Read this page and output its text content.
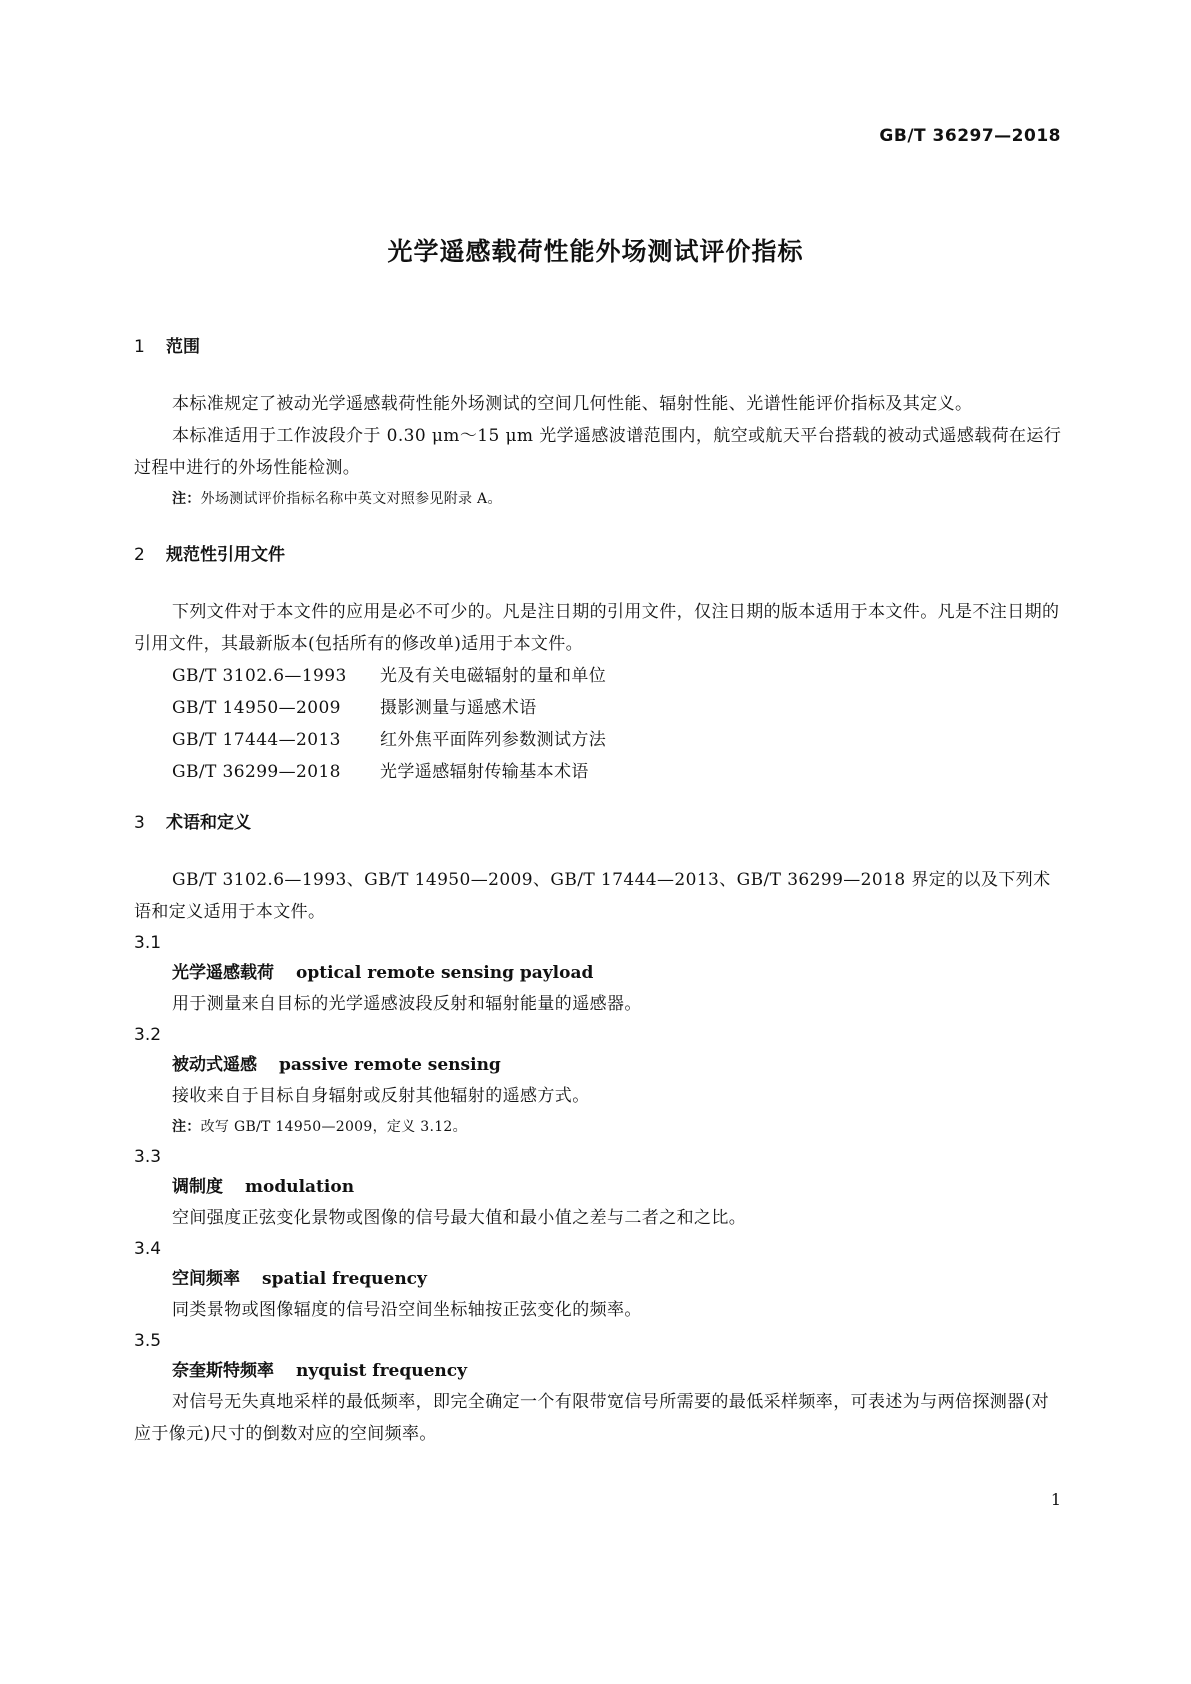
GB/T 36297—2018
光学遥感载荷性能外场测试评价指标
1 范围

本标准规定了被动光学遥感载荷性能外场测试的空间几何性能、辐射性能、光谱性能评价指标及其定义。

本标准适用于工作波段介于 0.30 μm～15 μm 光学遥感波谱范围内，航空或航天平台搭载的被动式遥感载荷在运行过程中进行的外场性能检测。

注：外场测试评价指标名称中英文对照参见附录 A。
2 规范性引用文件

下列文件对于本文件的应用是必不可少的。凡是注日期的引用文件，仅注日期的版本适用于本文件。凡是不注日期的引用文件，其最新版本(包括所有的修改单)适用于本文件。

GB/T 3102.6—1993 光及有关电磁辐射的量和单位
GB/T 14950—2009 摄影测量与遥感术语
GB/T 17444—2013 红外焦平面阵列参数测试方法
GB/T 36299—2018 光学遥感辐射传输基本术语
3 术语和定义

GB/T 3102.6—1993、GB/T 14950—2009、GB/T 17444—2013、GB/T 36299—2018 界定的以及下列术语和定义适用于本文件。

3.1
光学遥感载荷 optical remote sensing payload

用于测量来自目标的光学遥感波段反射和辐射能量的遥感器。

3.2
被动式遥感 passive remote sensing

接收来自于目标自身辐射或反射其他辐射的遥感方式。

注：改写 GB/T 14950—2009，定义 3.12。
3.3
调制度 modulation

空间强度正弦变化景物或图像的信号最大值和最小值之差与二者之和之比。

3.4
空间频率 spatial frequency

同类景物或图像辐度的信号沿空间坐标轴按正弦变化的频率。

3.5
奈奎斯特频率 nyquist frequency

对信号无失真地采样的最低频率，即完全确定一个有限带宽信号所需要的最低采样频率，可表述为与两倍探测器(对应于像元)尺寸的倒数对应的空间频率。

1
